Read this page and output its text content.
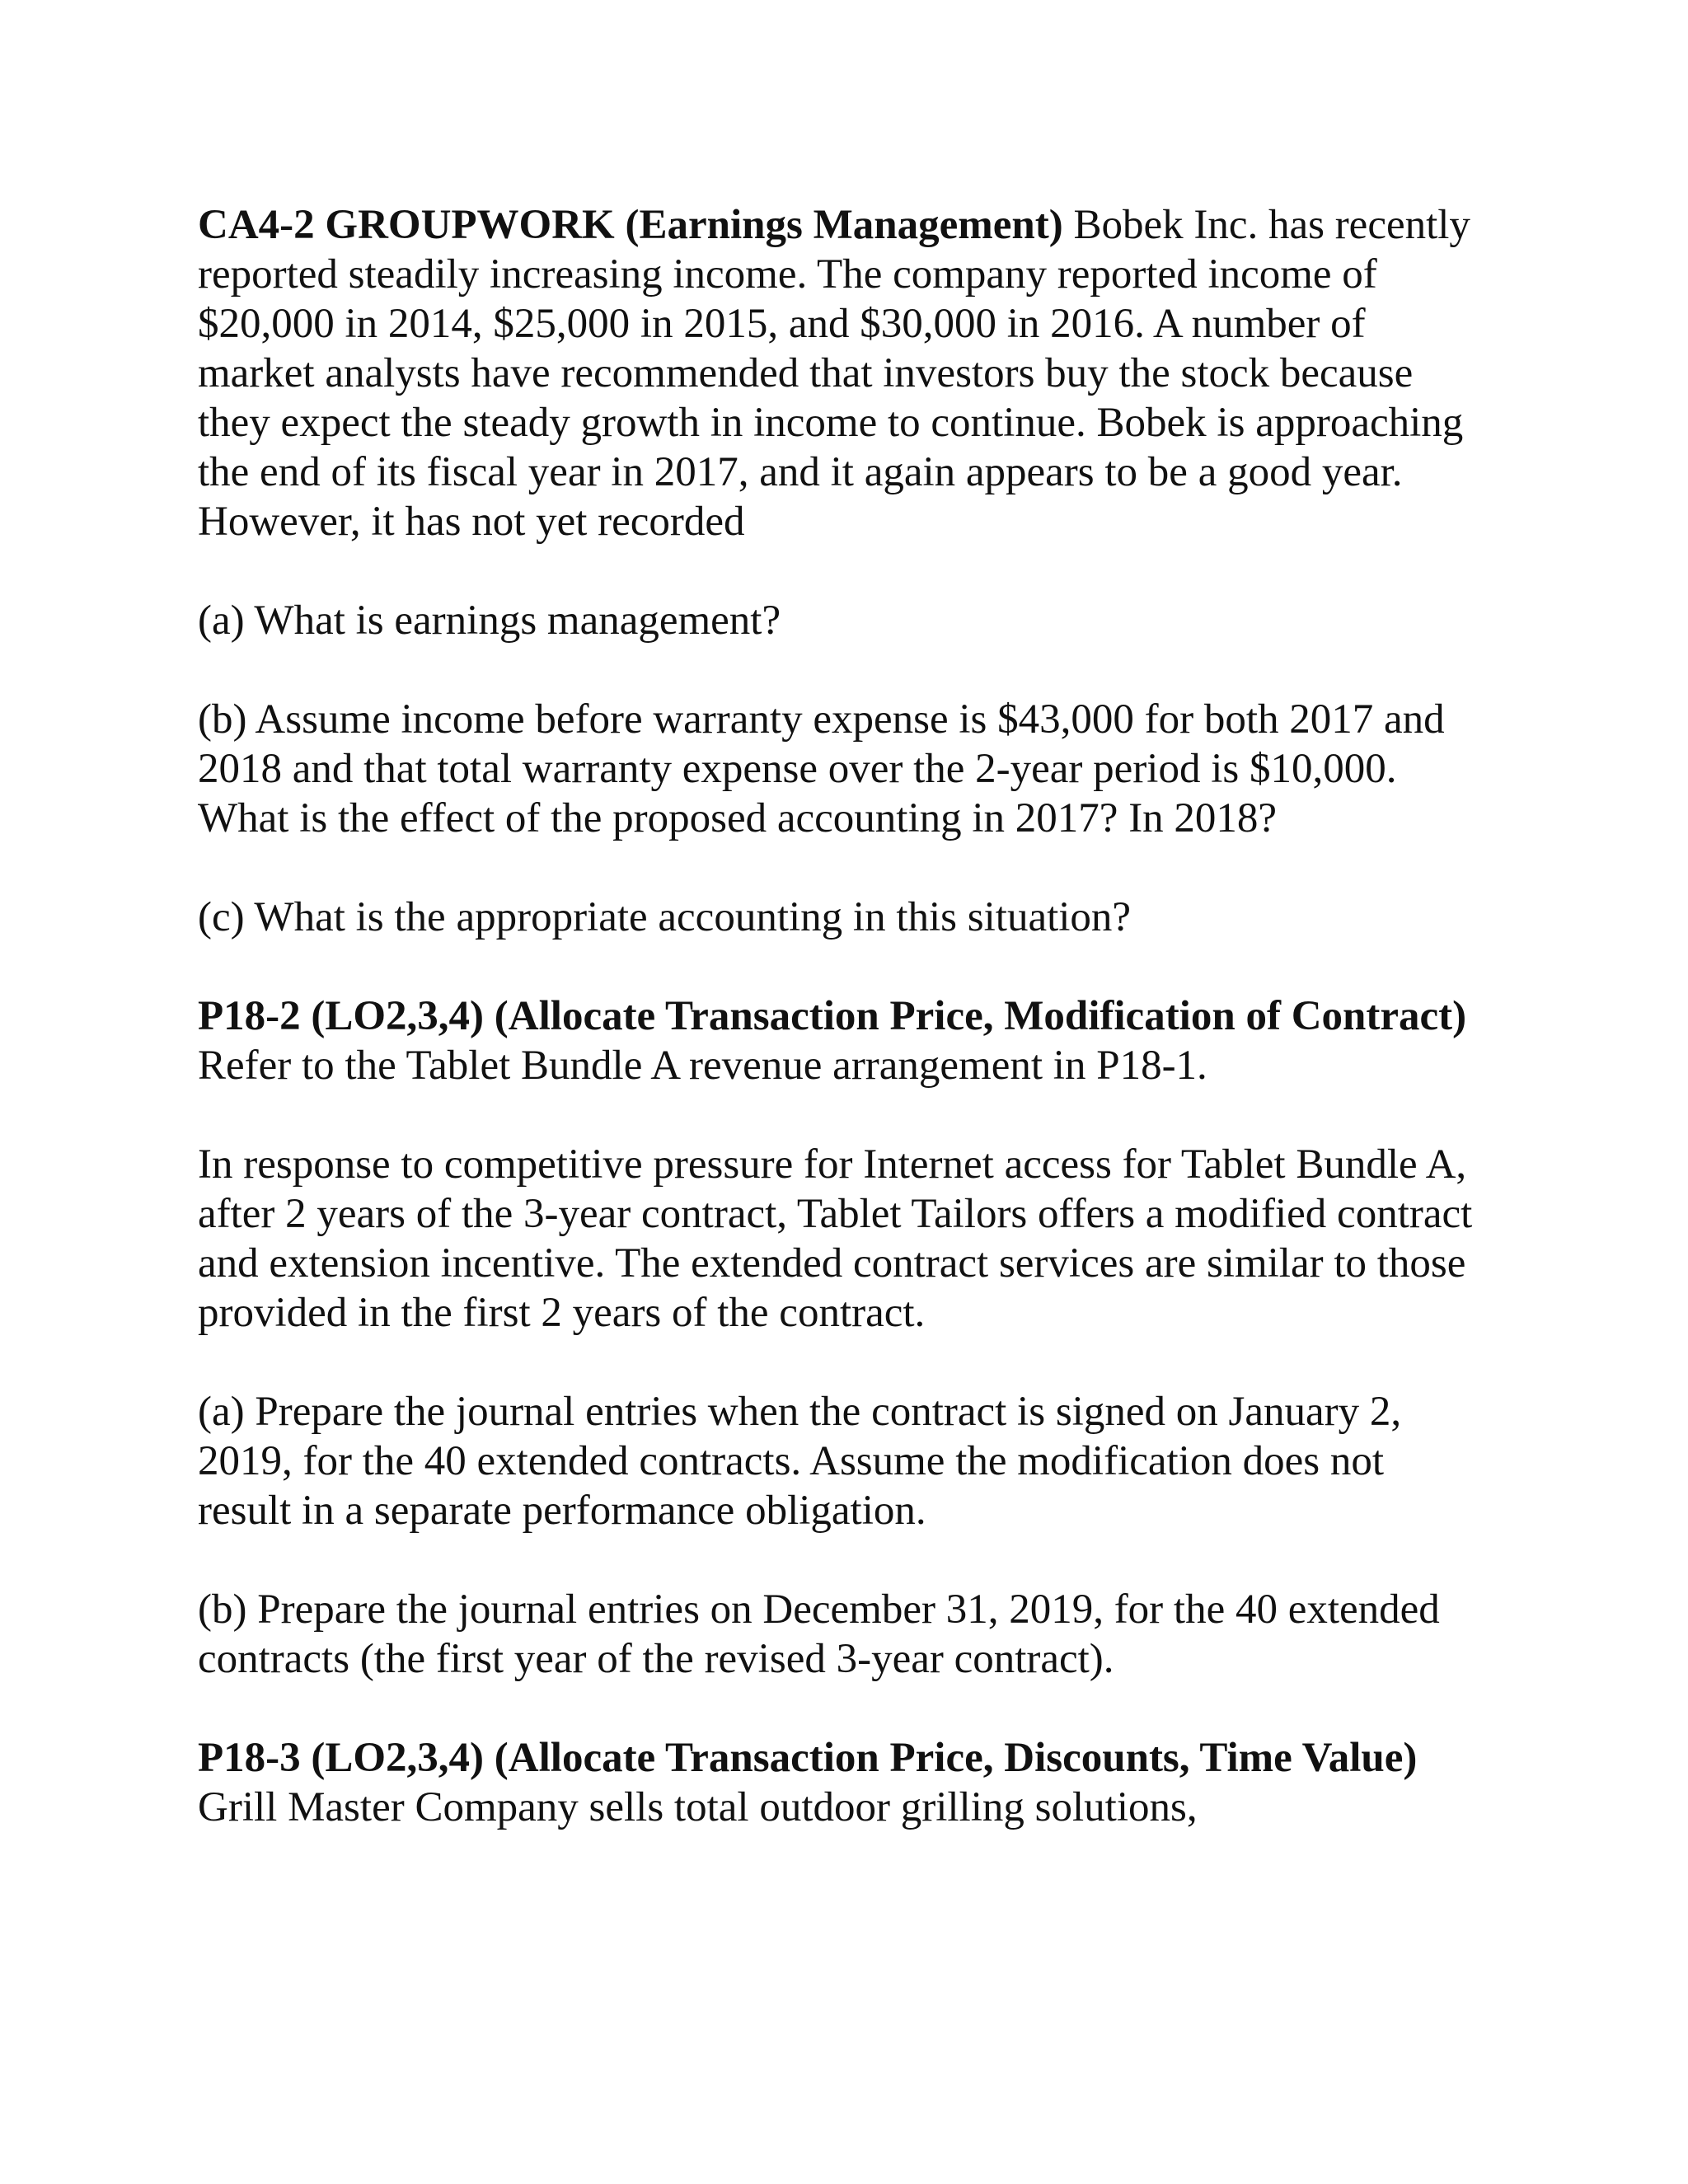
CA4-2 GROUPWORK (Earnings Management) Bobek Inc. has recently reported steadily increasing income. The company reported income of $20,000 in 2014, $25,000 in 2015, and $30,000 in 2016. A number of market analysts have recommended that investors buy the stock because they expect the steady growth in income to continue. Bobek is approaching the end of its fiscal year in 2017, and it again appears to be a good year. However, it has not yet recorded

(a) What is earnings management?

(b) Assume income before warranty expense is $43,000 for both 2017 and 2018 and that total warranty expense over the 2-year period is $10,000. What is the effect of the proposed accounting in 2017? In 2018?

(c) What is the appropriate accounting in this situation?

P18-2 (LO2,3,4) (Allocate Transaction Price, Modification of Contract) Refer to the Tablet Bundle A revenue arrangement in P18-1.

In response to competitive pressure for Internet access for Tablet Bundle A, after 2 years of the 3-year contract, Tablet Tailors offers a modified contract and extension incentive. The extended contract services are similar to those provided in the first 2 years of the contract.

(a) Prepare the journal entries when the contract is signed on January 2, 2019, for the 40 extended contracts. Assume the modification does not result in a separate performance obligation.

(b) Prepare the journal entries on December 31, 2019, for the 40 extended contracts (the first year of the revised 3-year contract).

P18-3 (LO2,3,4) (Allocate Transaction Price, Discounts, Time Value) Grill Master Company sells total outdoor grilling solutions,
